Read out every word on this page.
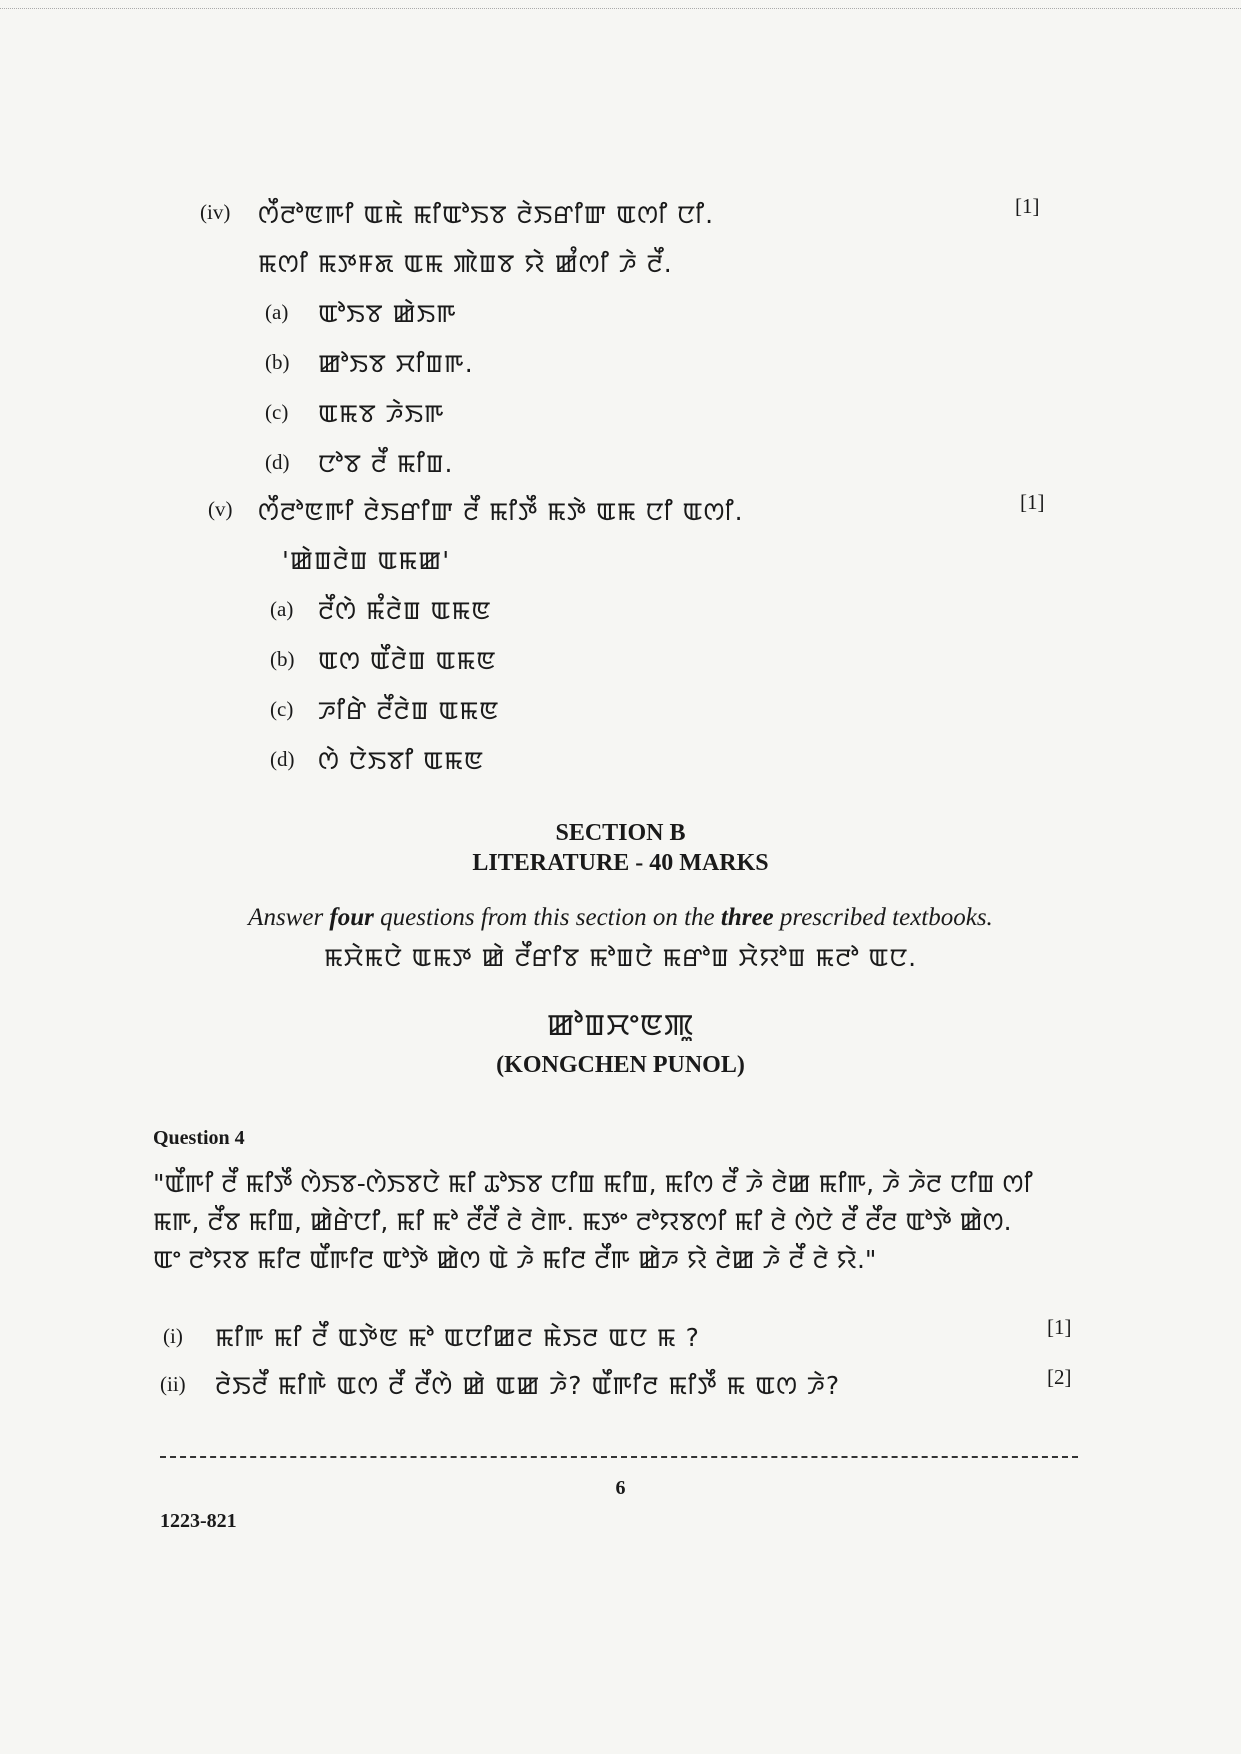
(iv) ꯁꯩꯂꯣꯟꯒꯤ ꯑꯃꯥ ꯃꯤꯑꯣꯏꯕ ꯂꯥꯏꯔꯤꯛ ꯑꯁꯤ ꯅꯤ.	[1]
ꯃꯁꯤ ꯃꯇꯝꯗ ꯑꯃ ꯄꯥꯡꯕ ꯌꯥ ꯀꯪꯁꯤ ꯍꯥ ꯂꯩ.
(a) ꯑꯣꯏꯕ ꯀꯥꯏꯒ
(b) ꯀꯣꯏꯕ ꯆꯤꯡꯒ.
(c) ꯑꯃꯕ ꯍꯥꯏꯒ
(d) ꯅꯣꯕ ꯂꯩ ꯃꯤꯡ.
(v) ꯁꯩꯂꯣꯟꯒꯤ ꯂꯥꯏꯔꯤꯛ ꯂꯩ ꯃꯤꯇꯩ ꯃꯇꯥ ꯑꯃ ꯅꯤ ꯑꯁꯤ.	[1]
'ꯀꯥꯡꯂꯥꯡ ꯑꯃꯀ'
(a) ꯂꯩꯁꯥ ꯃꯪꯂꯥꯡ ꯑꯃꯟ
(b) ꯑꯁ ꯑꯩꯂꯥꯡ ꯑꯃꯟ
(c) ꯍꯤꯔꯥ ꯂꯩꯂꯥꯡ ꯑꯃꯟ
(d) ꯁꯥ ꯅꯥꯏꯕꯤ ꯑꯃꯟ
SECTION B
LITERATURE - 40 MARKS
Answer four questions from this section on the three prescribed textbooks.
ꯃꯆꯥꯃꯅꯥ ꯑꯃꯇ ꯀꯥ ꯂꯩꯔꯤꯕ ꯃꯣꯡꯅꯥ ꯃꯔꯣꯡ ꯆꯥꯌꯣꯡ ꯃꯂꯣ ꯑꯅ.
ꯀꯣꯡꯆꯦꯟꯄꯨ
(KONGCHEN PUNOL)
Question 4
"ꯑꯩꯒꯤ ꯂꯩ ꯃꯤꯇꯩ ꯁꯥꯏꯕ-ꯁꯥꯏꯕꯅꯥ ꯃꯤ ꯊꯣꯏꯕ ꯅꯤꯡ ꯃꯤꯡ, ꯃꯤꯁ ꯂꯩ ꯍꯥ ꯂꯥꯀ ꯃꯤꯒ, ꯍꯥ ꯍꯥꯂ ꯅꯤꯡ ꯁꯤ ꯃꯒ, ꯂꯩꯕ ꯃꯤꯡ, ꯀꯥꯔꯥꯅꯤ, ꯃꯤ ꯃꯣ ꯂꯩꯂꯩ ꯂꯥ ꯂꯥꯒ. ꯃꯇꯦ ꯂꯣꯌꯕꯁꯤ ꯃꯤ ꯂꯥ ꯁꯥꯅꯥ ꯂꯩ ꯂꯩꯂ ꯑꯣꯇꯥ ꯀꯥꯁ. ꯑꯦ ꯂꯣꯌꯕ ꯃꯤꯂ ꯑꯩꯒꯤꯂ ꯑꯣꯇꯥ ꯀꯥꯁ ꯑꯥ ꯍꯥ ꯃꯤꯂ ꯂꯩꯒ ꯀꯥꯍ ꯌꯥ ꯂꯥꯀ ꯍꯥ ꯂꯩ ꯂꯥ ꯌꯥ."
(i) ꯃꯤꯒ ꯃꯤ ꯂꯩ ꯑꯇꯥꯟ ꯃꯣ ꯑꯅꯤꯀꯂ ꯃꯥꯏꯂ ꯑꯅ ꯃ ?	[1]
(ii) ꯂꯥꯏꯂꯩ ꯃꯤꯒꯥ ꯑꯁ ꯂꯩ ꯂꯩꯁꯥ ꯀꯥ ꯑꯀ ꯍꯥ? ꯑꯩꯒꯤꯂ ꯃꯤꯇꯩ ꯃ ꯑꯁ ꯍꯥ?	[2]
6
1223-821
